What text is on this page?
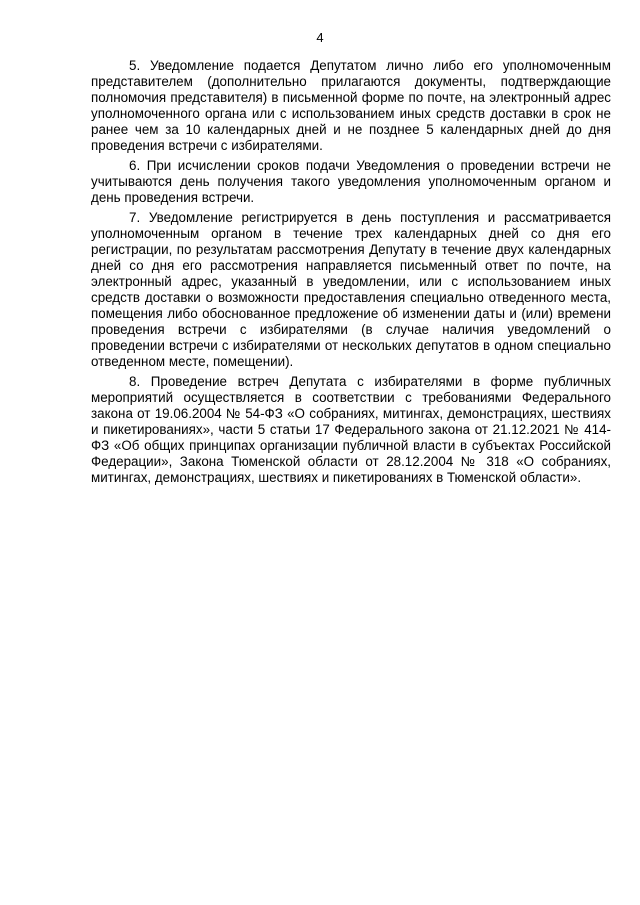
4

5. Уведомление подается Депутатом лично либо его уполномоченным представителем (дополнительно прилагаются документы, подтверждающие полномочия представителя) в письменной форме по почте, на электронный адрес уполномоченного органа или с использованием иных средств доставки в срок не ранее чем за 10 календарных дней и не позднее 5 календарных дней до дня проведения встречи с избирателями.

6. При исчислении сроков подачи Уведомления о проведении встречи не учитываются день получения такого уведомления уполномоченным органом и день проведения встречи.

7. Уведомление регистрируется в день поступления и рассматривается уполномоченным органом в течение трех календарных дней со дня его регистрации, по результатам рассмотрения Депутату в течение двух календарных дней со дня его рассмотрения направляется письменный ответ по почте, на электронный адрес, указанный в уведомлении, или с использованием иных средств доставки о возможности предоставления специально отведенного места, помещения либо обоснованное предложение об изменении даты и (или) времени проведения встречи с избирателями (в случае наличия уведомлений о проведении встречи с избирателями от нескольких депутатов в одном специально отведенном месте, помещении).

8. Проведение встреч Депутата с избирателями в форме публичных мероприятий осуществляется в соответствии с требованиями Федерального закона от 19.06.2004 № 54-ФЗ «О собраниях, митингах, демонстрациях, шествиях и пикетированиях», части 5 статьи 17 Федерального закона от 21.12.2021 № 414-ФЗ «Об общих принципах организации публичной власти в субъектах Российской Федерации», Закона Тюменской области от 28.12.2004 № 318 «О собраниях, митингах, демонстрациях, шествиях и пикетированиях в Тюменской области».
